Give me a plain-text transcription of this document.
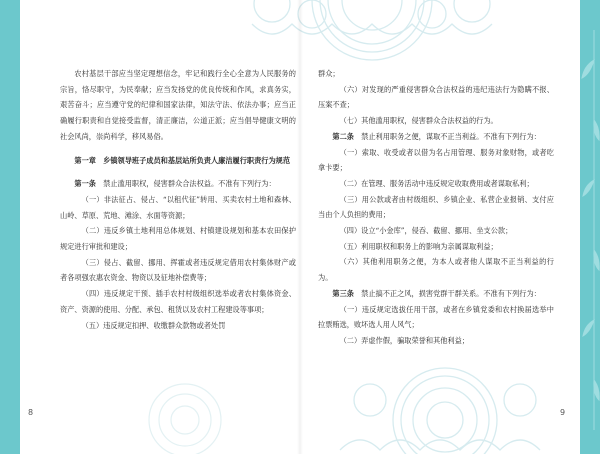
农村基层干部应当坚定理想信念，牢记和践行全心全意为人民服务的宗旨，恪尽职守，为民奉献；应当发扬党的优良传统和作风，求真务实，艰苦奋斗；应当遵守党的纪律和国家法律，知法守法、依法办事；应当正确履行职责和自觉接受监督，清正廉洁，公道正派；应当倡导健康文明的社会风尚，崇尚科学，移风易俗。

第一章　乡镇领导班子成员和基层站所负责人廉洁履行职责行为规范

第一条　 禁止滥用职权，侵害群众合法权益。不准有下列行为：

（一）非法征占、侵占、“以租代征”转用、买卖农村土地和森林、山岭、草原、荒地、滩涂、水面等资源；

（二）违反乡镇土地利用总体规划、村镇建设规划和基本农田保护规定进行审批和建设；

（三）侵占、截留、挪用、挥霍或者违反规定借用农村集体财产或者各项强农惠农资金、物资以及征地补偿费等；

（四）违反规定干预、插手农村村级组织选举或者农村集体资金、资产、资源的使用、分配、承包、租赁以及农村工程建设等事项；

（五）违反规定扣押、收缴群众款物或者处罚

8

群众；

（六）对发现的严重侵害群众合法权益的违纪违法行为隐瞒不报、压案不查；

（七）其他滥用职权，侵害群众合法权益的行为。

第二条　 禁止利用职务之便，谋取不正当利益。不准有下列行为：

（一）索取、收受或者以借为名占用管理、服务对象财物，或者吃拿卡要；

（二）在管理、服务活动中违反规定收取费用或者谋取私利；

（三）用公款或者由村级组织、乡镇企业、私营企业报销、支付应当由个人负担的费用；

（四）设立“小金库”，侵吞、截留、挪用、坐支公款；

（五）利用职权和职务上的影响为亲属谋取利益；

（六）其他利用职务之便，为本人或者他人谋取不正当利益的行为。

第三条　 禁止搞不正之风，损害党群干群关系。不准有下列行为：

（一）违反规定选拔任用干部，或者在乡镇党委和农村换届选举中拉票贿选，败坏选人用人风气；

（二）弄虚作假，骗取荣誉和其他利益；

9
